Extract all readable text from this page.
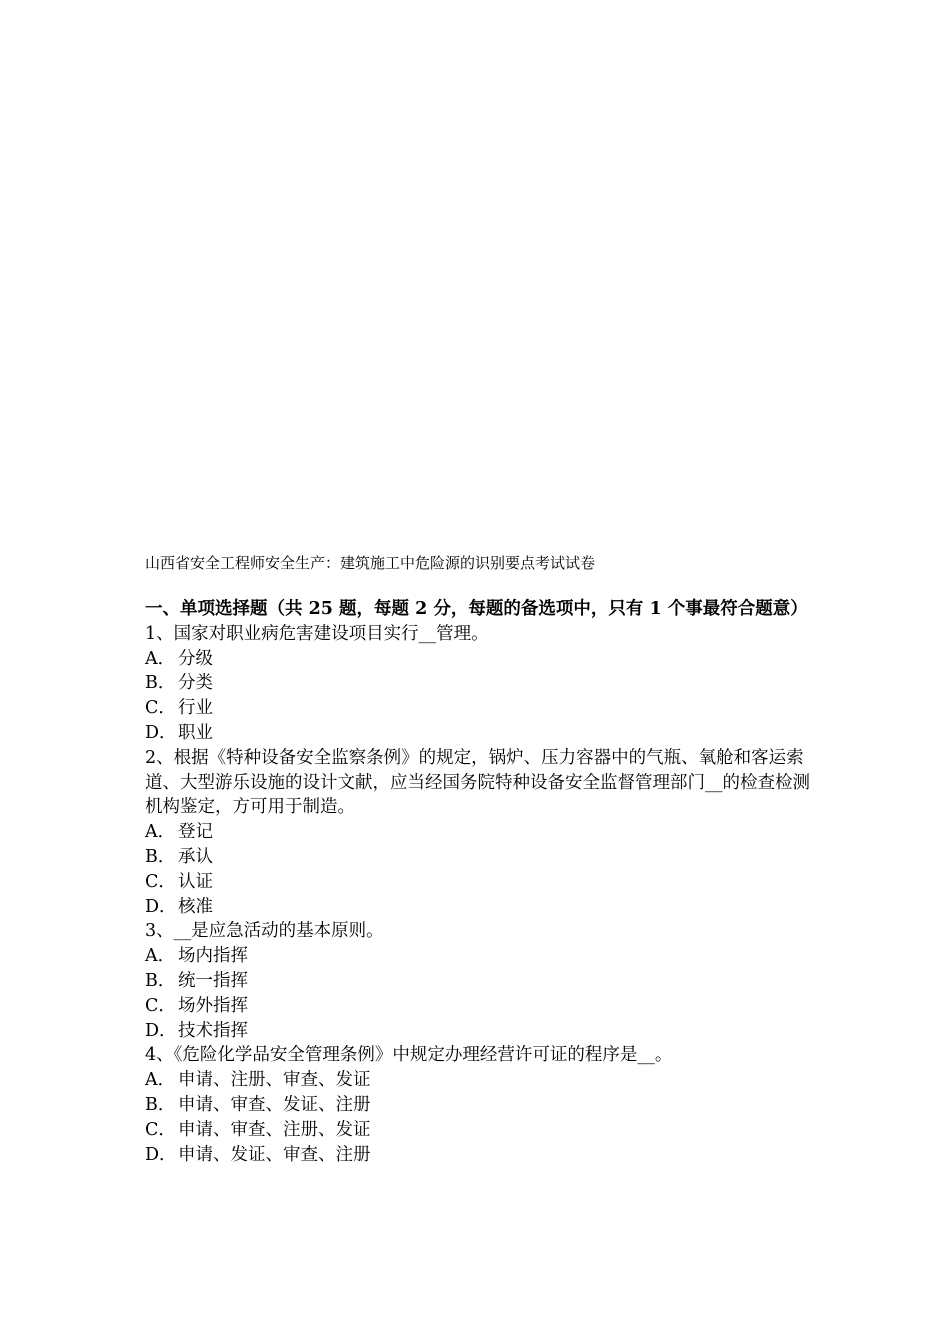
山西省安全工程师安全生产：建筑施工中危险源的识别要点考试试卷

一、单项选择题（共 25 题，每题 2 分，每题的备选项中，只有 1 个事最符合题意）

1、国家对职业病危害建设项目实行__管理。

A． 分级

B． 分类

C． 行业

D．职业

2、根据《特种设备安全监察条例》的规定，锅炉、压力容器中的气瓶、氧舱和客运索道、大型游乐设施的设计文献，应当经国务院特种设备安全监督管理部门__的检查检测机构鉴定，方可用于制造。

A． 登记

B． 承认

C． 认证

D．核准

3、__是应急活动的基本原则。

A． 场内指挥

B． 统一指挥

C． 场外指挥

D．技术指挥

4、《危险化学品安全管理条例》中规定办理经营许可证的程序是__。

A． 申请、注册、审查、发证

B． 申请、审查、发证、注册

C． 申请、审查、注册、发证

D．申请、发证、审查、注册
